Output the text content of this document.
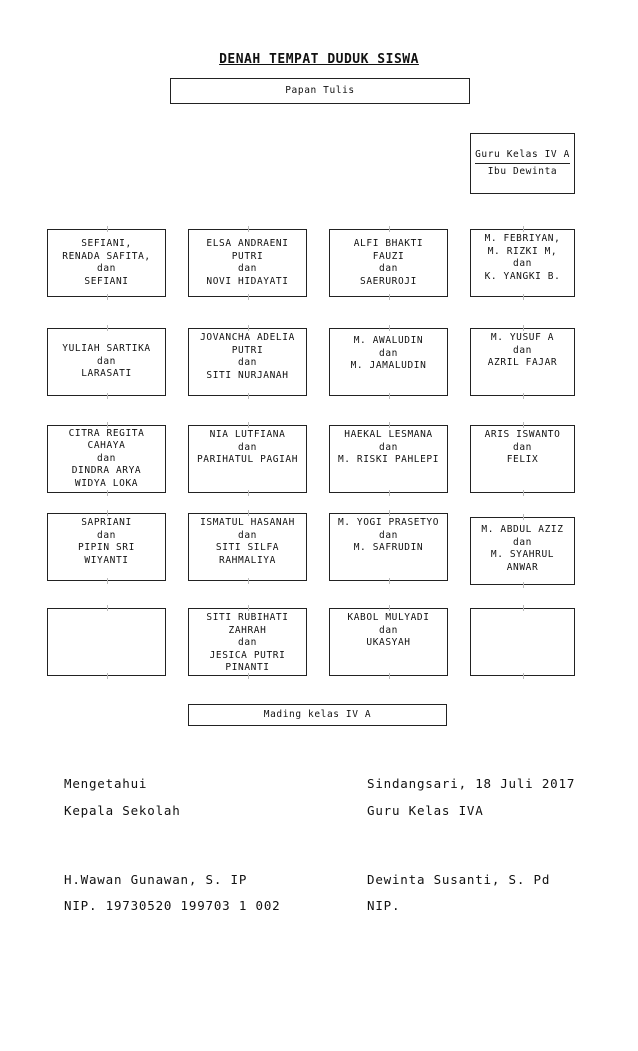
DENAH TEMPAT DUDUK SISWA
Papan Tulis
Guru Kelas IV A
Ibu Dewinta
SEFIANI,
RENADA SAFITA,
dan
SEFIANI
ELSA ANDRAENI
PUTRI
dan
NOVI HIDAYATI
ALFI BHAKTI
FAUZI
dan
SAERUROJI
M. FEBRIYAN,
M. RIZKI M,
dan
K. YANGKI B.
YULIAH SARTIKA
dan
LARASATI
JOVANCHA ADELIA
PUTRI
dan
SITI NURJANAH
M. AWALUDIN
dan
M. JAMALUDIN
M. YUSUF A
dan
AZRIL FAJAR
CITRA REGITA
CAHAYA
dan
DINDRA ARYA
WIDYA LOKA
NIA LUTFIANA
dan
PARIHATUL PAGIAH
HAEKAL LESMANA
dan
M. RISKI PAHLEPI
ARIS ISWANTO
dan
FELIX
SAPRIANI
dan
PIPIN SRI
WIYANTI
ISMATUL HASANAH
dan
SITI SILFA
RAHMALIYA
M. YOGI PRASETYO
dan
M. SAFRUDIN
M. ABDUL AZIZ
dan
M. SYAHRUL
ANWAR
SITI RUBIHATI
ZAHRAH
dan
JESICA PUTRI
PINANTI
KABOL MULYADI
dan
UKASYAH
Mading kelas IV A
Mengetahui
Kepala Sekolah
H.Wawan Gunawan, S. IP
NIP. 19730520 199703 1 002
Sindangsari, 18 Juli 2017
Guru Kelas IVA
Dewinta Susanti, S. Pd
NIP.
